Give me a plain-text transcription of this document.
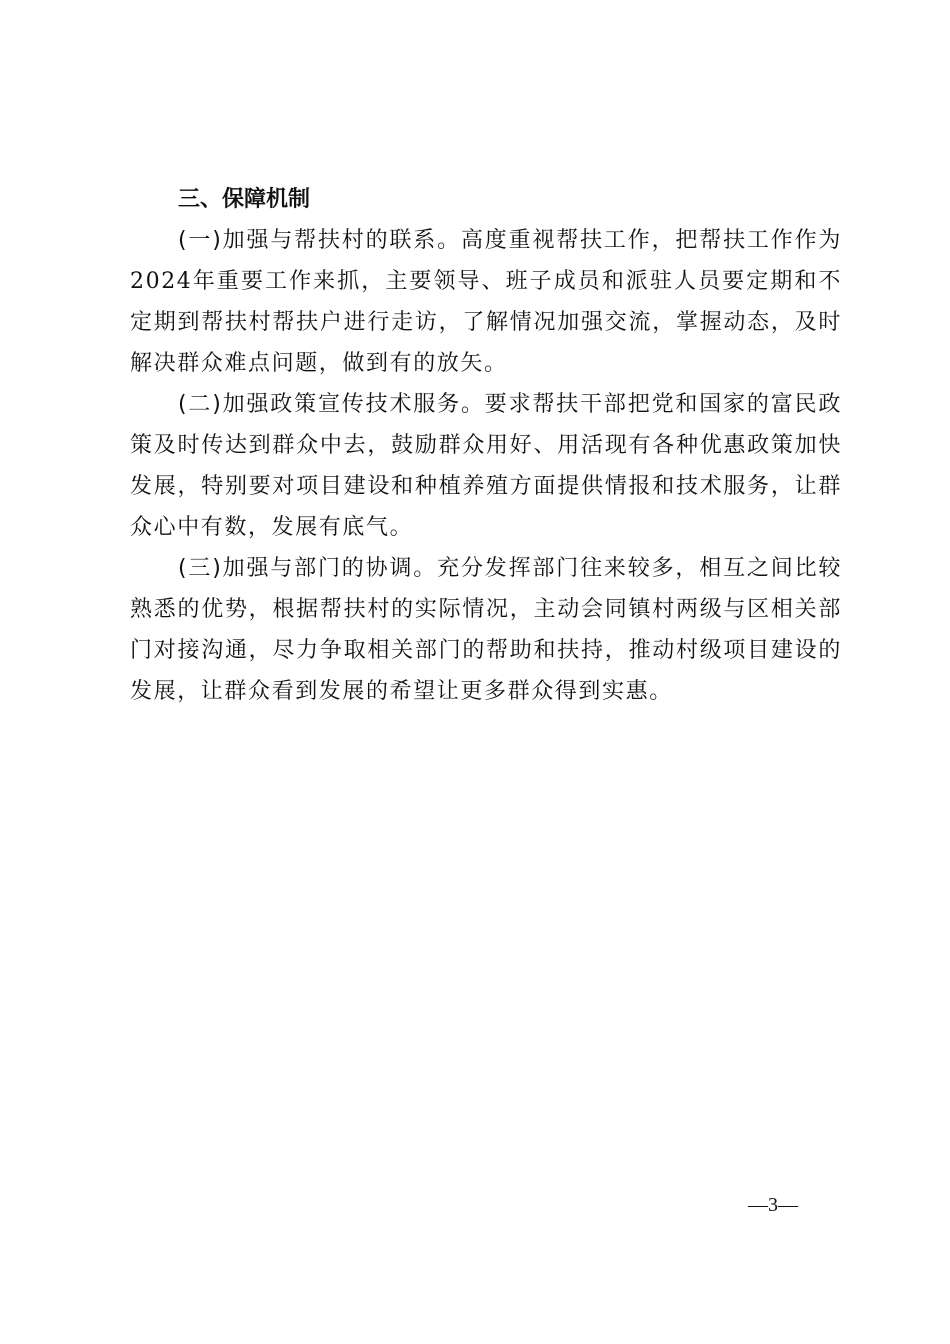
三、保障机制

(一)加强与帮扶村的联系。高度重视帮扶工作，把帮扶工作作为2024年重要工作来抓，主要领导、班子成员和派驻人员要定期和不定期到帮扶村帮扶户进行走访，了解情况加强交流，掌握动态，及时解决群众难点问题，做到有的放矢。

(二)加强政策宣传技术服务。要求帮扶干部把党和国家的富民政策及时传达到群众中去，鼓励群众用好、用活现有各种优惠政策加快发展，特别要对项目建设和种植养殖方面提供情报和技术服务，让群众心中有数，发展有底气。

(三)加强与部门的协调。充分发挥部门往来较多，相互之间比较熟悉的优势，根据帮扶村的实际情况，主动会同镇村两级与区相关部门对接沟通，尽力争取相关部门的帮助和扶持，推动村级项目建设的发展，让群众看到发展的希望让更多群众得到实惠。

—3—
